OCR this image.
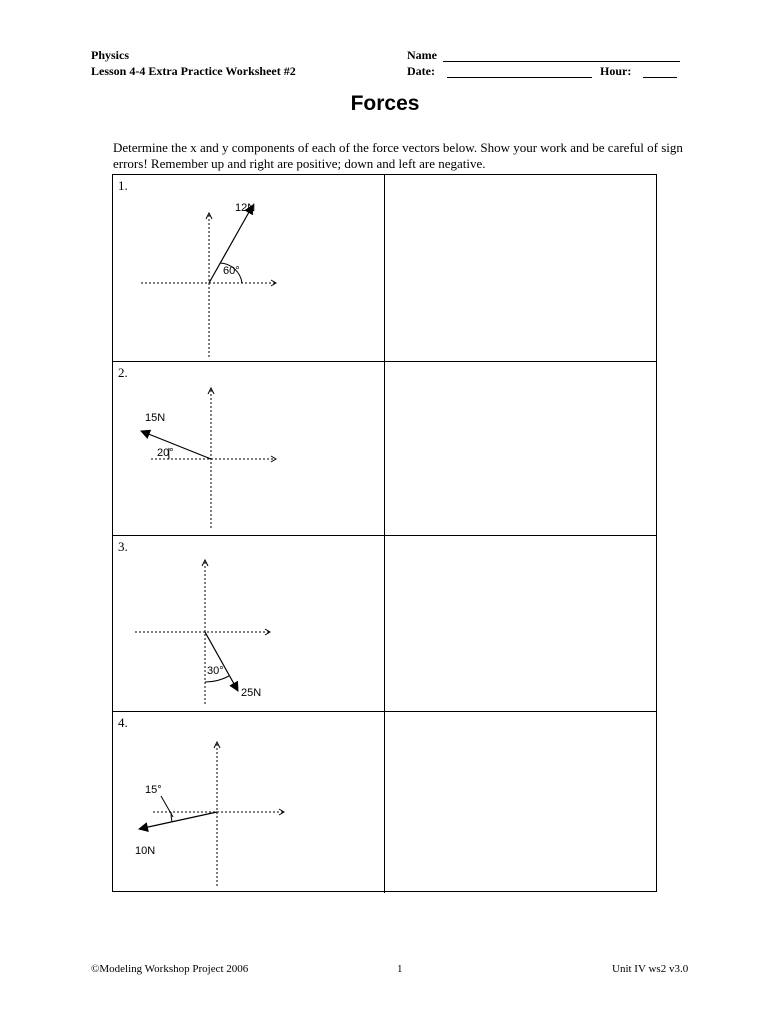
Physics
Lesson 4-4 Extra Practice Worksheet #2
Name
Date:	Hour:
Forces
Determine the x and y components of each of the force vectors below. Show your work and be careful of sign errors! Remember up and right are positive; down and left are negative.
1.
12N
60°
2.
15N
20°
3.
25N
30°
4.
15°
10N
©Modeling Workshop Project 2006	1	Unit IV ws2 v3.0
